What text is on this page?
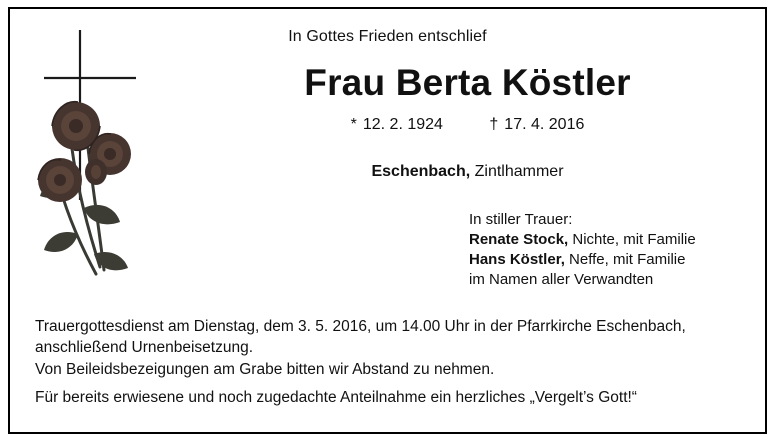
In Gottes Frieden entschlief
Frau Berta Köstler
* 12. 2. 1924	† 17. 4. 2016
Eschenbach, Zintlhammer
In stiller Trauer:
Renate Stock, Nichte, mit Familie
Hans Köstler, Neffe, mit Familie
im Namen aller Verwandten
Trauergottesdienst am Dienstag, dem 3. 5. 2016, um 14.00 Uhr in der Pfarrkirche Eschenbach, anschließend Urnenbeisetzung.
Von Beileidsbezeigungen am Grabe bitten wir Abstand zu nehmen.
Für bereits erwiesene und noch zugedachte Anteilnahme ein herzliches „Vergelt’s Gott!“
